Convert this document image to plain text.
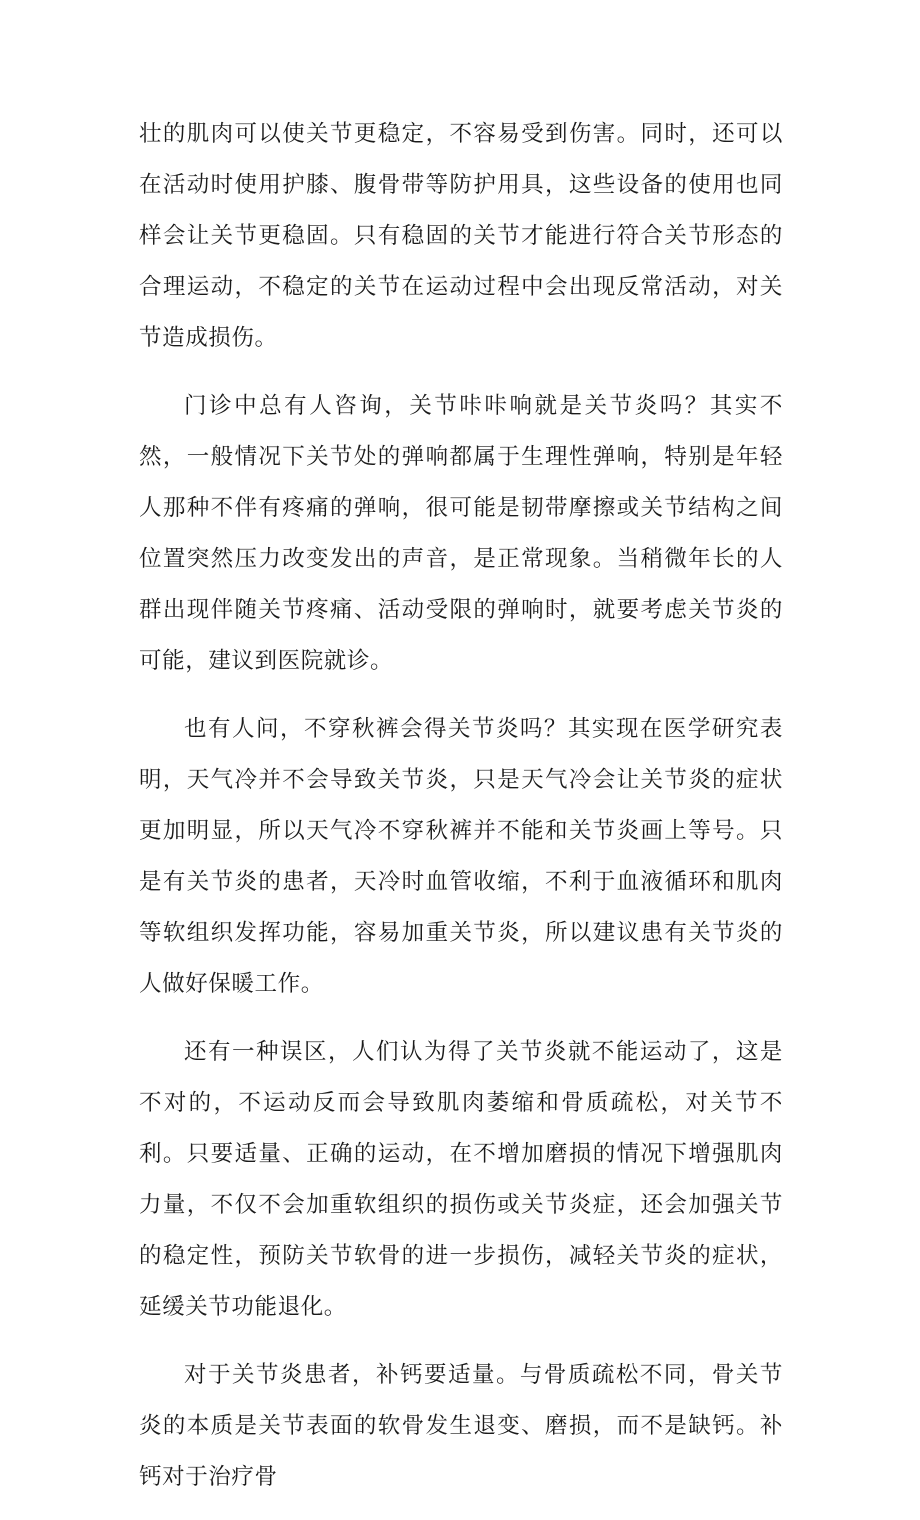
壮的肌肉可以使关节更稳定，不容易受到伤害。同时，还可以在活动时使用护膝、腹骨带等防护用具，这些设备的使用也同样会让关节更稳固。只有稳固的关节才能进行符合关节形态的合理运动，不稳定的关节在运动过程中会出现反常活动，对关节造成损伤。

门诊中总有人咨询，关节咔咔响就是关节炎吗？其实不然，一般情况下关节处的弹响都属于生理性弹响，特别是年轻人那种不伴有疼痛的弹响，很可能是韧带摩擦或关节结构之间位置突然压力改变发出的声音，是正常现象。当稍微年长的人群出现伴随关节疼痛、活动受限的弹响时，就要考虑关节炎的可能，建议到医院就诊。

也有人问，不穿秋裤会得关节炎吗？其实现在医学研究表明，天气冷并不会导致关节炎，只是天气冷会让关节炎的症状更加明显，所以天气冷不穿秋裤并不能和关节炎画上等号。只是有关节炎的患者，天冷时血管收缩，不利于血液循环和肌肉等软组织发挥功能，容易加重关节炎，所以建议患有关节炎的人做好保暖工作。

还有一种误区，人们认为得了关节炎就不能运动了，这是不对的，不运动反而会导致肌肉萎缩和骨质疏松，对关节不利。只要适量、正确的运动，在不增加磨损的情况下增强肌肉力量，不仅不会加重软组织的损伤或关节炎症，还会加强关节的稳定性，预防关节软骨的进一步损伤，减轻关节炎的症状，延缓关节功能退化。

对于关节炎患者，补钙要适量。与骨质疏松不同，骨关节炎的本质是关节表面的软骨发生退变、磨损，而不是缺钙。补钙对于治疗骨
